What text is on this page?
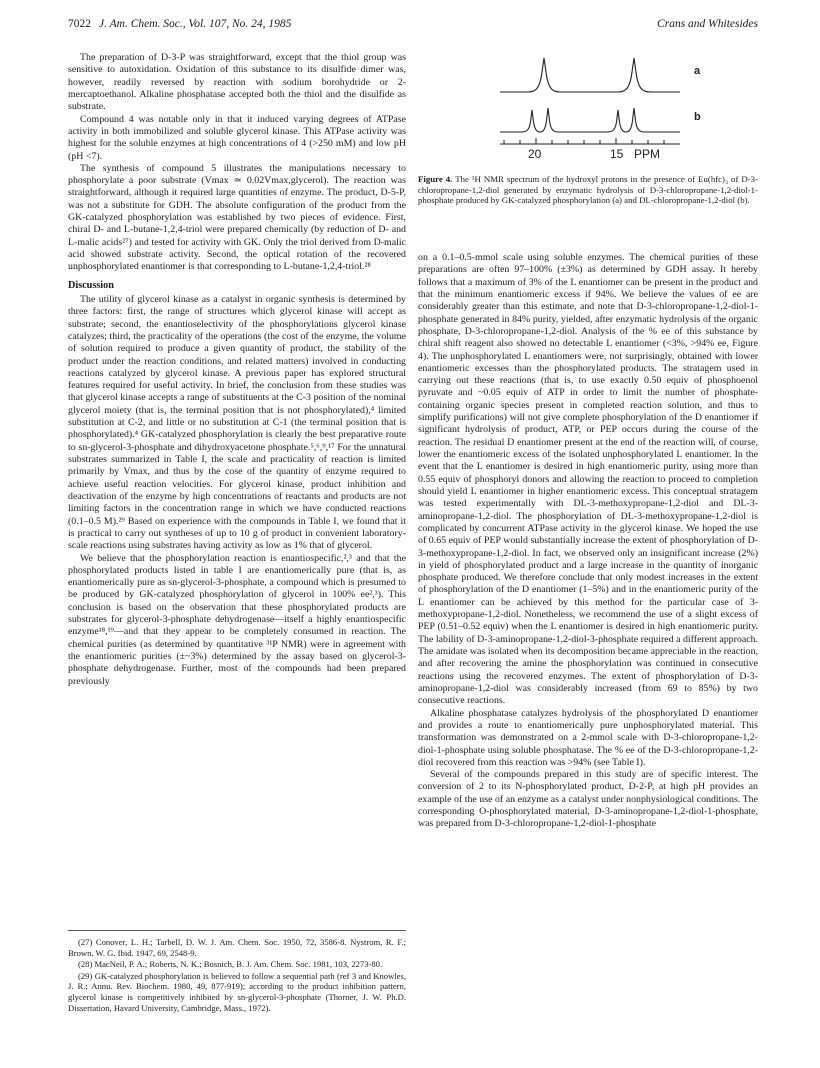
7022 J. Am. Chem. Soc., Vol. 107, No. 24, 1985	Crans and Whitesides

The preparation of D-3-P was straightforward, except that the thiol group was sensitive to autoxidation. Oxidation of this substance to its disulfide dimer was, however, readily reversed by reaction with sodium borohydride or 2-mercaptoethanol. Alkaline phosphatase accepted both the thiol and the disulfide as substrate.

Compound 4 was notable only in that it induced varying degrees of ATPase activity in both immobilized and soluble glycerol kinase. This ATPase activity was highest for the soluble enzymes at high concentrations of 4 (>250 mM) and low pH (pH <7).

The synthesis of compound 5 illustrates the manipulations necessary to phosphorylate a poor substrate (Vmax ≃ 0.02Vmax,glycerol). The reaction was straightforward, although it required large quantities of enzyme. The product, D-5-P, was not a substitute for GDH. The absolute configuration of the product from the GK-catalyzed phosphorylation was established by two pieces of evidence. First, chiral D- and L-butane-1,2,4-triol were prepared chemically (by reduction of D- and L-malic acids²⁷) and tested for activity with GK. Only the triol derived from D-malic acid showed substrate activity. Second, the optical rotation of the recovered unphosphorylated enantiomer is that corresponding to L-butane-1,2,4-triol.²⁸

Discussion

The utility of glycerol kinase as a catalyst in organic synthesis is determined by three factors: first, the range of structures which glycerol kinase will accept as substrate; second, the enantioselectivity of the phosphorylations glycerol kinase catalyzes; third, the practicality of the operations (the cost of the enzyme, the volume of solution required to produce a given quantity of product, the stability of the product under the reaction conditions, and related matters) involved in conducting reactions catalyzed by glycerol kinase. A previous paper has explored structural features required for useful activity. In brief, the conclusion from these studies was that glycerol kinase accepts a range of substituents at the C-3 position of the nominal glycerol moiety (that is, the terminal position that is not phosphorylated),⁴ limited substitution at C-2, and little or no substitution at C-1 (the terminal position that is phosphorylated).⁴ GK-catalyzed phosphorylation is clearly the best preparative route to sn-glycerol-3-phosphate and dihydroxyacetone phosphate.⁵,⁶,⁹,¹⁷ For the unnatural substrates summarized in Table I, the scale and practicality of reaction is limited primarily by Vmax, and thus by the cose of the quantity of enzyme required to achieve useful reaction velocities. For glycerol kinase, product inhibition and deactivation of the enzyme by high concentrations of reactants and products are not limiting factors in the concentration range in which we have conducted reactions (0.1–0.5 M).²⁹ Based on experience with the compounds in Table I, we found that it is practical to carry out syntheses of up to 10 g of product in convenient laboratory-scale reactions using substrates having activity as low as 1% that of glycerol.

We believe that the phosphorylation reaction is enantiospecific,²,³ and that the phosphorylated products listed in table I are enantiomerically pure (that is, as enantiomerically pure as sn-glycerol-3-phosphate, a compound which is presumed to be produced by GK-catalyzed phosphorylation of glycerol in 100% ee²,³). This conclusion is based on the observation that these phosphorylated products are substrates for glycerol-3-phosphate dehydrogenase—itself a highly enantiospecific enzyme¹⁸,¹⁹—and that they appear to be completely consumed in reaction. The chemical purities (as determined by quantitative ³¹P NMR) were in agreement with the enantiomeric purities (±~3%) determined by the assay based on glycerol-3-phosphate dehydrogenase. Further, most of the compounds had been prepared previously

(27) Conover, L. H.; Tarbell, D. W. J. Am. Chem. Soc. 1950, 72, 3586-8. Nystrom, R. F.; Brown, W. G. Ibid. 1947, 69, 2548-9.

(28) MacNeil, P. A.; Roberts, N. K.; Bosnich, B. J. Am. Chem. Soc. 1981, 103, 2273-80.

(29) GK-catalyzed phosphorylation is believed to follow a sequential path (ref 3 and Knowles, J. R.; Annu. Rev. Biochem. 1980, 49, 877-919); according to the product inhibition pattern, glycerol kinase is competitively inhibited by sn-glycerol-3-phosphate (Thorner, J. W. Ph.D. Dissertation, Havard University, Cambridge, Mass., 1972).

a
b
20	15 PPM
Figure 4. The ¹H NMR spectrum of the hydroxyl protons in the presence of Eu(hfc)₃ of D-3-chloropropane-1,2-diol generated by enzymatic hydrolysis of D-3-chloropropane-1,2-diol-1-phosphate produced by GK-catalyzed phosphorylation (a) and DL-chloropropane-1,2-diol (b).

on a 0.1–0.5-mmol scale using soluble enzymes. The chemical purities of these preparations are often 97–100% (±3%) as determined by GDH assay. It hereby follows that a maximum of 3% of the L enantiomer can be present in the product and that the minimum enantiomeric excess if 94%. We believe the values of ee are considerably greater than this estimate, and note that D-3-chloropropane-1,2-diol-1-phosphate generated in 84% purity, yielded, after enzymatic hydrolysis of the organic phosphate, D-3-chloropropane-1,2-diol. Analysis of the % ee of this substance by chiral shift reagent also showed no detectable L enantiomer (<3%, >94% ee, Figure 4). The unphosphorylated L enantiomers were, not surprisingly, obtained with lower enantiomeric excesses than the phosphorylated products. The stratagem used in carrying out these reactions (that is, to use exactly 0.50 equiv of phosphoenol pyruvate and ~0.05 equiv of ATP in order to limit the number of phosphate-containing organic species present in completed reaction solution, and thus to simplify purifications) will not give complete phosphorylation of the D enantiomer if significant hydrolysis of product, ATP, or PEP occurs during the course of the reaction. The residual D enantiomer present at the end of the reaction will, of course, lower the enantiomeric excess of the isolated unphosphorylated L enantiomer. In the event that the L enantiomer is desired in high enantiomeric purity, using more than 0.55 equiv of phosphoryl donors and allowing the reaction to proceed to completion should yield L enantiomer in higher enantiomeric excess. This conceptual stratagem was tested experimentally with DL-3-methoxypropane-1,2-diol and DL-3-aminopropane-1,2-diol. The phosphorylation of DL-3-methoxypropane-1,2-diol is complicated by concurrent ATPase activity in the glycerol kinase. We hoped the use of 0.65 equiv of PEP would substantially increase the extent of phosphorylation of D-3-methoxypropane-1,2-diol. In fact, we observed only an insignificant increase (2%) in yield of phosphorylated product and a large increase in the quantity of inorganic phosphate produced. We therefore conclude that only modest increases in the extent of phosphorylation of the D enantiomer (1–5%) and in the enantiomeric purity of the L enantiomer can be achieved by this method for the particular case of 3-methoxypropane-1,2-diol. Nonetheless, we recommend the use of a slight excess of PEP (0.51–0.52 equiv) when the L enantiomer is desired in high enantiomeric purity. The lability of D-3-aminopropane-1,2-diol-3-phosphate required a different approach. The amidate was isolated when its decomposition became appreciable in the reaction, and after recovering the amine the phosphorylation was continued in consecutive reactions using the recovered enzymes. The extent of phosphorylation of D-3-aminopropane-1,2-diol was considerably increased (from 69 to 85%) by two consecutive reactions.

Alkaline phosphatase catalyzes hydrolysis of the phosphorylated D enantiomer and provides a route to enantiomerically pure unphosphorylated material. This transformation was demonstrated on a 2-mmol scale with D-3-chloropropane-1,2-diol-1-phosphate using soluble phosphatase. The % ee of the D-3-chloropropane-1,2-diol recovered from this reaction was >94% (see Table I).

Several of the compounds prepared in this study are of specific interest. The conversion of 2 to its N-phosphorylated product, D-2-P, at high pH provides an example of the use of an enzyme as a catalyst under nonphysiological conditions. The corresponding O-phosphorylated material, D-3-aminopropane-1,2-diol-1-phosphate, was prepared from D-3-chloropropane-1,2-diol-1-phosphate
